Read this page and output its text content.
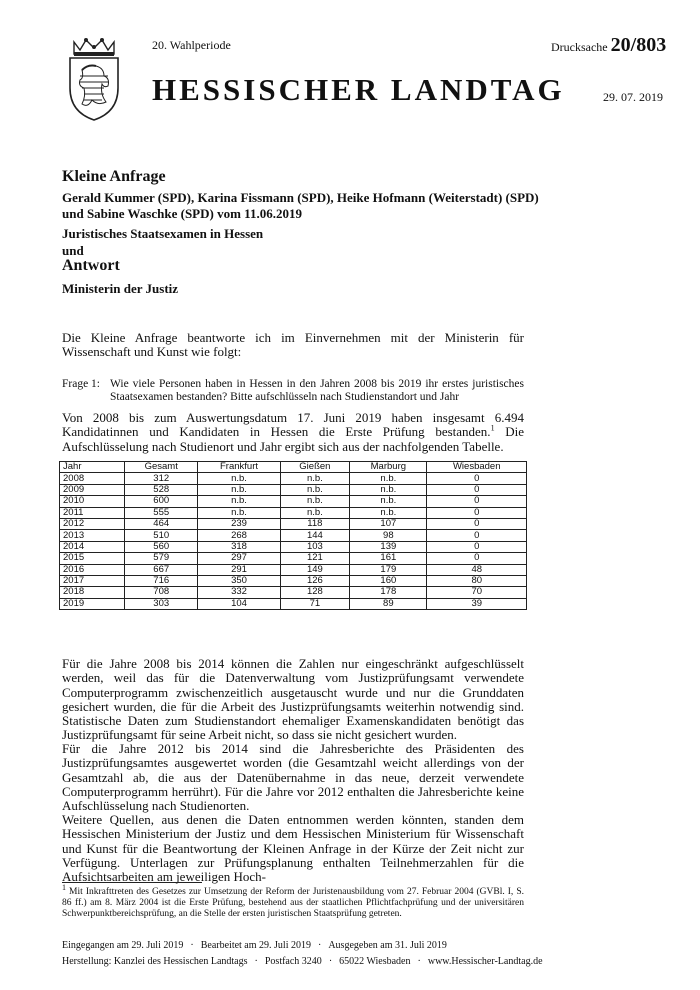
20. Wahlperiode	Drucksache 20/803
HESSISCHER LANDTAG	29. 07. 2019
Kleine Anfrage
Gerald Kummer (SPD), Karina Fissmann (SPD), Heike Hofmann (Weiterstadt) (SPD)
und Sabine Waschke (SPD) vom 11.06.2019
Juristisches Staatsexamen in Hessen
und
Antwort
Ministerin der Justiz
Die Kleine Anfrage beantworte ich im Einvernehmen mit der Ministerin für Wissenschaft und Kunst wie folgt:
Frage 1: Wie viele Personen haben in Hessen in den Jahren 2008 bis 2019 ihr erstes juristisches Staatsexamen bestanden? Bitte aufschlüsseln nach Studienstandort und Jahr
Von 2008 bis zum Auswertungsdatum 17. Juni 2019 haben insgesamt 6.494 Kandidatinnen und Kandidaten in Hessen die Erste Prüfung bestanden.$^1$ Die Aufschlüsselung nach Studienort und Jahr ergibt sich aus der nachfolgenden Tabelle.
Jahr	Gesamt	Frankfurt	Gießen	Marburg	Wiesbaden
2008	312	n.b.	n.b.	n.b.	0
2009	528	n.b.	n.b.	n.b.	0
2010	600	n.b.	n.b.	n.b.	0
2011	555	n.b.	n.b.	n.b.	0
2012	464	239	118	107	0
2013	510	268	144	98	0
2014	560	318	103	139	0
2015	579	297	121	161	0
2016	667	291	149	179	48
2017	716	350	126	160	80
2018	708	332	128	178	70
2019	303	104	71	89	39
Für die Jahre 2008 bis 2014 können die Zahlen nur eingeschränkt aufgeschlüsselt werden, weil das für die Datenverwaltung vom Justizprüfungsamt verwendete Computerprogramm zwischenzeitlich ausgetauscht wurde und nur die Grunddaten gesichert wurden, die für die Arbeit des Justizprüfungsamts weiterhin notwendig sind. Statistische Daten zum Studienstandort ehemaliger Examenskandidaten benötigt das Justizprüfungsamt für seine Arbeit nicht, so dass sie nicht gesichert wurden.
Für die Jahre 2012 bis 2014 sind die Jahresberichte des Präsidenten des Justizprüfungsamtes ausgewertet worden (die Gesamtzahl weicht allerdings von der Gesamtzahl ab, die aus der Datenübernahme in das neue, derzeit verwendete Computerprogramm herrührt). Für die Jahre vor 2012 enthalten die Jahresberichte keine Aufschlüsselung nach Studienorten.
Weitere Quellen, aus denen die Daten entnommen werden könnten, standen dem Hessischen Ministerium der Justiz und dem Hessischen Ministerium für Wissenschaft und Kunst für die Beantwortung der Kleinen Anfrage in der Kürze der Zeit nicht zur Verfügung. Unterlagen zur Prüfungsplanung enthalten Teilnehmerzahlen für die Aufsichtsarbeiten am jeweiligen Hoch-
$^1$ Mit Inkrafttreten des Gesetzes zur Umsetzung der Reform der Juristenausbildung vom 27. Februar 2004 (GVBl. I, S. 86 ff.) am 8. März 2004 ist die Erste Prüfung, bestehend aus der staatlichen Pflichtfachprüfung und der universitären Schwerpunktbereichsprüfung, an die Stelle der ersten juristischen Staatsprüfung getreten.
Eingegangen am 29. Juli 2019 · Bearbeitet am 29. Juli 2019 · Ausgegeben am 31. Juli 2019
Herstellung: Kanzlei des Hessischen Landtags · Postfach 3240 · 65022 Wiesbaden · www.Hessischer-Landtag.de
